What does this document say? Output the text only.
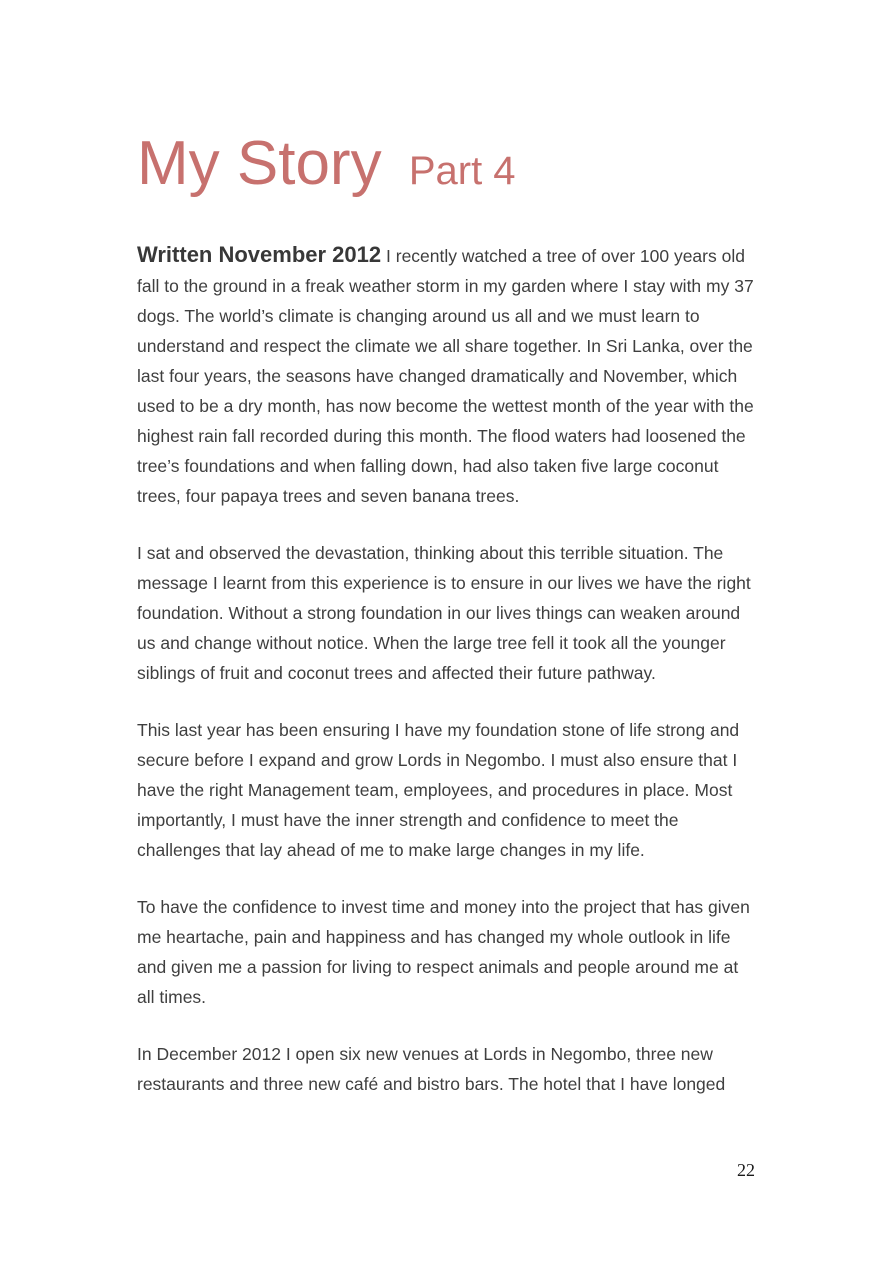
My Story Part 4

Written November 2012 I recently watched a tree of over 100 years old fall to the ground in a freak weather storm in my garden where I stay with my 37 dogs. The world’s climate is changing around us all and we must learn to understand and respect the climate we all share together. In Sri Lanka, over the last four years, the seasons have changed dramatically and November, which used to be a dry month, has now become the wettest month of the year with the highest rain fall recorded during this month. The flood waters had loosened the tree’s foundations and when falling down, had also taken five large coconut trees, four papaya trees and seven banana trees.

I sat and observed the devastation, thinking about this terrible situation. The message I learnt from this experience is to ensure in our lives we have the right foundation. Without a strong foundation in our lives things can weaken around us and change without notice. When the large tree fell it took all the younger siblings of fruit and coconut trees and affected their future pathway.

This last year has been ensuring I have my foundation stone of life strong and secure before I expand and grow Lords in Negombo. I must also ensure that I have the right Management team, employees, and procedures in place. Most importantly, I must have the inner strength and confidence to meet the challenges that lay ahead of me to make large changes in my life.

To have the confidence to invest time and money into the project that has given me heartache, pain and happiness and has changed my whole outlook in life and given me a passion for living to respect animals and people around me at all times.

In December 2012 I open six new venues at Lords in Negombo, three new restaurants and three new café and bistro bars. The hotel that I have longed

22
